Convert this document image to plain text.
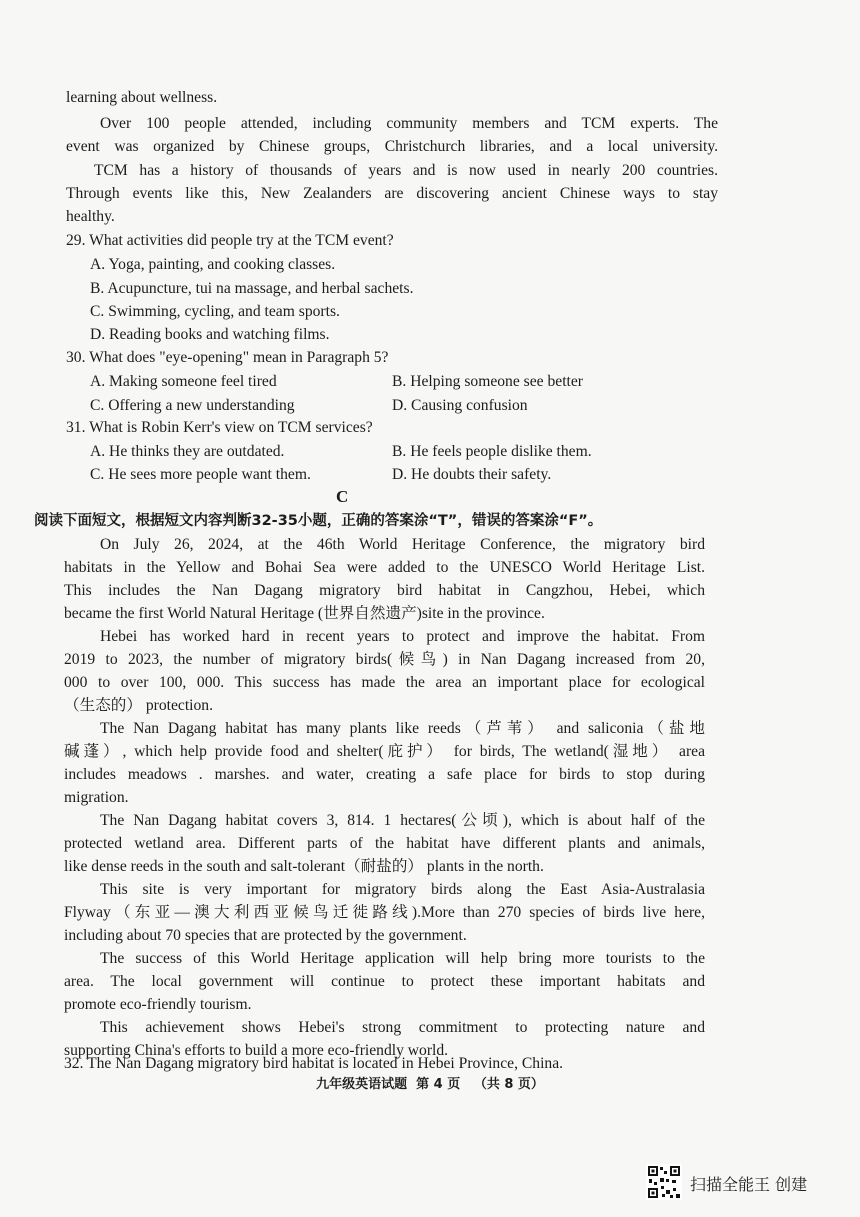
learning about wellness.
Over 100 people attended, including community members and TCM experts. The
event was organized by Chinese groups, Christchurch libraries, and a local university.
TCM has a history of thousands of years and is now used in nearly 200 countries.
Through events like this, New Zealanders are discovering ancient Chinese ways to stay
healthy.
29. What activities did people try at the TCM event?
A. Yoga, painting, and cooking classes.
B. Acupuncture, tui na massage, and herbal sachets.
C. Swimming, cycling, and team sports.
D. Reading books and watching films.
30. What does "eye-opening" mean in Paragraph 5?
A. Making someone feel tired	B. Helping someone see better
C. Offering a new understanding	D. Causing confusion
31. What is Robin Kerr's view on TCM services?
A. He thinks they are outdated.	B. He feels people dislike them.
C. He sees more people want them.	D. He doubts their safety.
C
阅读下面短文，根据短文内容判断32-35小题，正确的答案涂“T”，错误的答案涂“F”。
On July 26, 2024, at the 46th World Heritage Conference, the migratory bird
habitats in the Yellow and Bohai Sea were added to the UNESCO World Heritage List.
This includes the Nan Dagang migratory bird habitat in Cangzhou, Hebei, which
became the first World Natural Heritage (世界自然遗产)site in the province.
Hebei has worked hard in recent years to protect and improve the habitat. From
2019 to 2023, the number of migratory birds(候鸟) in Nan Dagang increased from 20,
000 to over 100, 000. This success has made the area an important place for ecological
（生态的） protection.
The Nan Dagang habitat has many plants like reeds（芦苇） and saliconia（盐地
碱蓬）, which help provide food and shelter(庇护） for birds, The wetland(湿地） area
includes meadows . marshes. and water, creating a safe place for birds to stop during
migration.
The Nan Dagang habitat covers 3, 814. 1 hectares(公顷), which is about half of the
protected wetland area. Different parts of the habitat have different plants and animals,
like dense reeds in the south and salt-tolerant（耐盐的） plants in the north.
This site is very important for migratory birds along the East Asia-Australasia
Flyway（东亚—澳大利西亚候鸟迁徙路线).More than 270 species of birds live here,
including about 70 species that are protected by the government.
The success of this World Heritage application will help bring more tourists to the
area. The local government will continue to protect these important habitats and
promote eco-friendly tourism.
This achievement shows Hebei's strong commitment to protecting nature and
supporting China's efforts to build a more eco-friendly world.
32. The Nan Dagang migratory bird habitat is located in Hebei Province, China.
九年级英语试题 第 4 页 （共 8 页）
扫描全能王 创建
